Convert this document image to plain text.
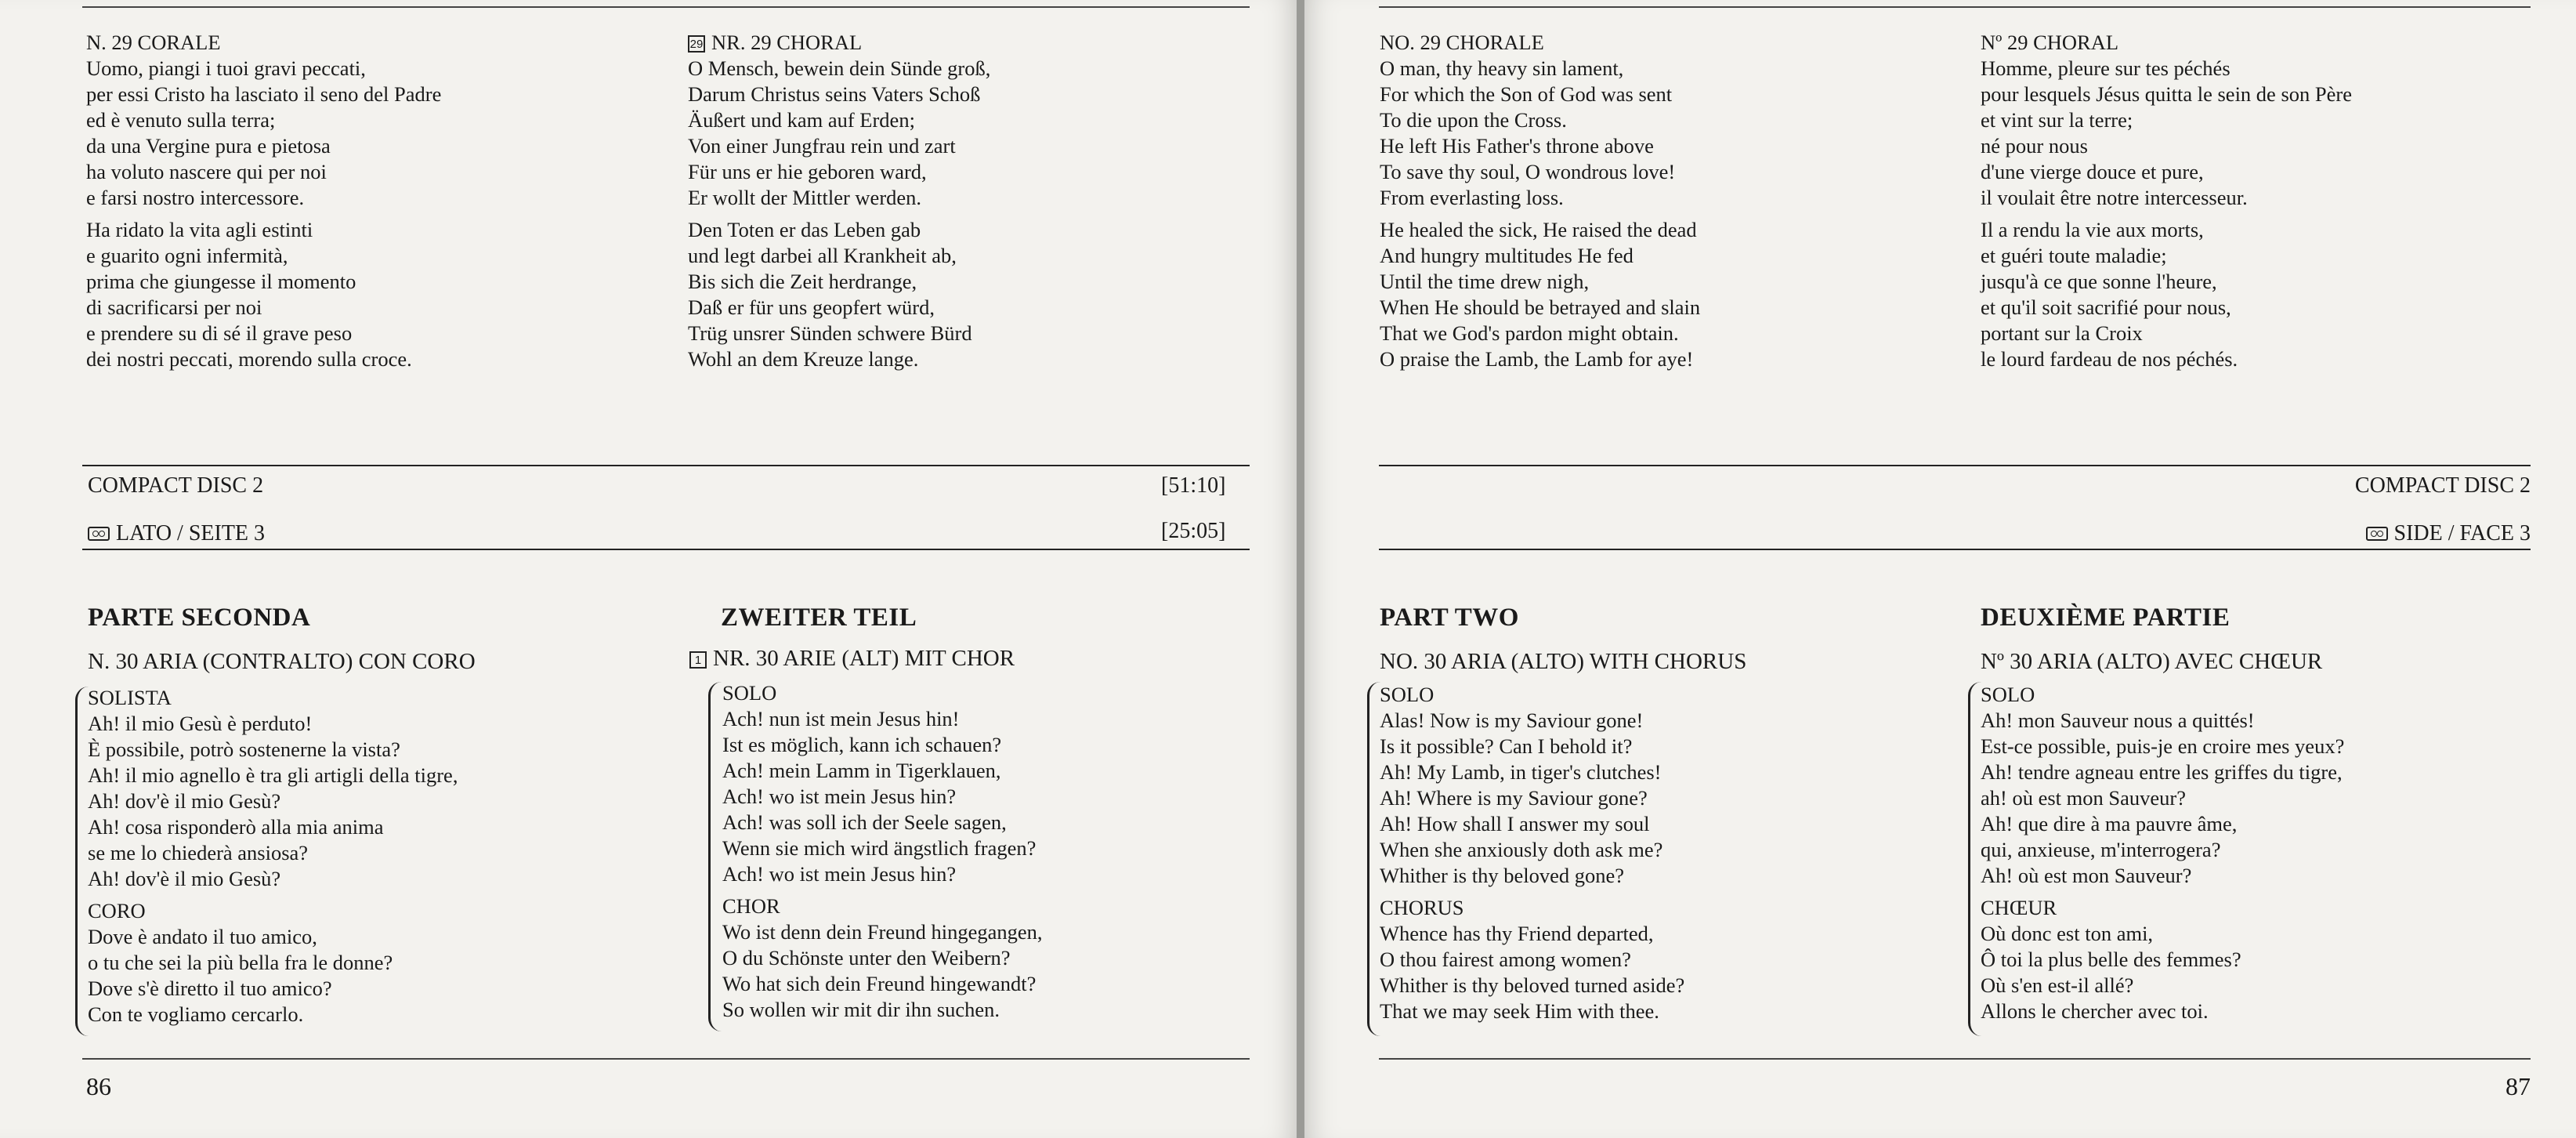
N. 29 CORALE
Uomo, piangi i tuoi gravi peccati,
per essi Cristo ha lasciato il seno del Padre
ed è venuto sulla terra;
da una Vergine pura e pietosa
ha voluto nascere qui per noi
e farsi nostro intercessore.
Ha ridato la vita agli estinti
e guarito ogni infermità,
prima che giungesse il momento
di sacrificarsi per noi
e prendere su di sé il grave peso
dei nostri peccati, morendo sulla croce.
29 NR. 29 CHORAL
O Mensch, bewein dein Sünde groß,
Darum Christus seins Vaters Schoß
Äußert und kam auf Erden;
Von einer Jungfrau rein und zart
Für uns er hie geboren ward,
Er wollt der Mittler werden.
Den Toten er das Leben gab
und legt darbei all Krankheit ab,
Bis sich die Zeit herdrange,
Daß er für uns geopfert würd,
Trüg unsrer Sünden schwere Bürd
Wohl an dem Kreuze lange.

COMPACT DISC 2	[51:10]
LATO / SEITE 3	[25:05]
PARTE SECONDA
N. 30 ARIA (CONTRALTO) CON CORO
SOLISTA
Ah! il mio Gesù è perduto!
È possibile, potrò sostenerne la vista?
Ah! il mio agnello è tra gli artigli della tigre,
Ah! dov'è il mio Gesù?
Ah! cosa risponderò alla mia anima
se me lo chiederà ansiosa?
Ah! dov'è il mio Gesù?
CORO
Dove è andato il tuo amico,
o tu che sei la più bella fra le donne?
Dove s'è diretto il tuo amico?
Con te vogliamo cercarlo.
ZWEITER TEIL
1 NR. 30 ARIE (ALT) MIT CHOR
SOLO
Ach! nun ist mein Jesus hin!
Ist es möglich, kann ich schauen?
Ach! mein Lamm in Tigerklauen,
Ach! wo ist mein Jesus hin?
Ach! was soll ich der Seele sagen,
Wenn sie mich wird ängstlich fragen?
Ach! wo ist mein Jesus hin?
CHOR
Wo ist denn dein Freund hingegangen,
O du Schönste unter den Weibern?
Wo hat sich dein Freund hingewandt?
So wollen wir mit dir ihn suchen.
86
NO. 29 CHORALE
O man, thy heavy sin lament,
For which the Son of God was sent
To die upon the Cross.
He left His Father's throne above
To save thy soul, O wondrous love!
From everlasting loss.
He healed the sick, He raised the dead
And hungry multitudes He fed
Until the time drew nigh,
When He should be betrayed and slain
That we God's pardon might obtain.
O praise the Lamb, the Lamb for aye!
Nº 29 CHORAL
Homme, pleure sur tes péchés
pour lesquels Jésus quitta le sein de son Père
et vint sur la terre;
né pour nous
d'une vierge douce et pure,
il voulait être notre intercesseur.
Il a rendu la vie aux morts,
et guéri toute maladie;
jusqu'à ce que sonne l'heure,
et qu'il soit sacrifié pour nous,
portant sur la Croix
le lourd fardeau de nos péchés.
COMPACT DISC 2
SIDE / FACE 3
PART TWO
NO. 30 ARIA (ALTO) WITH CHORUS
SOLO
Alas! Now is my Saviour gone!
Is it possible? Can I behold it?
Ah! My Lamb, in tiger's clutches!
Ah! Where is my Saviour gone?
Ah! How shall I answer my soul
When she anxiously doth ask me?
Whither is thy beloved gone?
CHORUS
Whence has thy Friend departed,
O thou fairest among women?
Whither is thy beloved turned aside?
That we may seek Him with thee.
DEUXIÈME PARTIE
Nº 30 ARIA (ALTO) AVEC CHŒUR
SOLO
Ah! mon Sauveur nous a quittés!
Est-ce possible, puis-je en croire mes yeux?
Ah! tendre agneau entre les griffes du tigre,
ah! où est mon Sauveur?
Ah! que dire à ma pauvre âme,
qui, anxieuse, m'interrogera?
Ah! où est mon Sauveur?
CHŒUR
Où donc est ton ami,
Ô toi la plus belle des femmes?
Où s'en est-il allé?
Allons le chercher avec toi.
87
